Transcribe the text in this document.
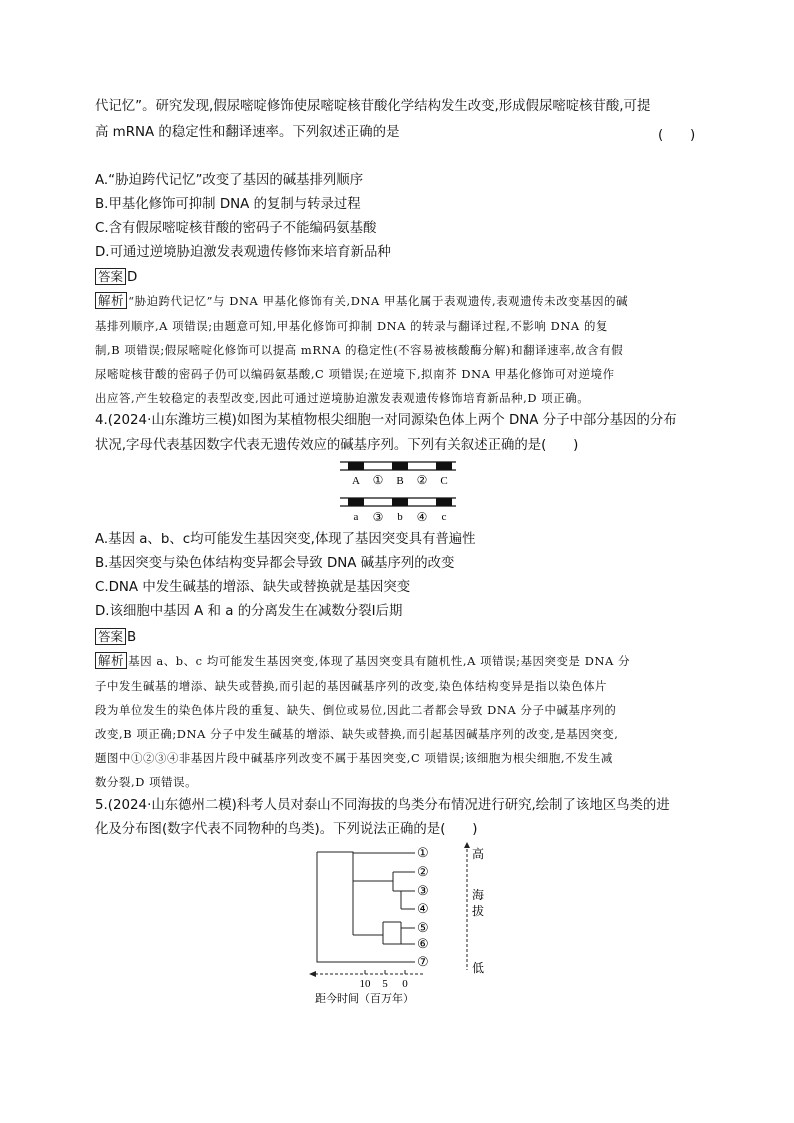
代记忆”。研究发现,假尿嘧啶修饰使尿嘧啶核苷酸化学结构发生改变,形成假尿嘧啶核苷酸,可提
高 mRNA 的稳定性和翻译速率。下列叙述正确的是	(　　)
A.“胁迫跨代记忆”改变了基因的碱基排列顺序
B.甲基化修饰可抑制 DNA 的复制与转录过程
C.含有假尿嘧啶核苷酸的密码子不能编码氨基酸
D.可通过逆境胁迫激发表观遗传修饰来培育新品种
答案 D
解析 “胁迫跨代记忆”与 DNA 甲基化修饰有关,DNA 甲基化属于表观遗传,表观遗传未改变基因的碱
基排列顺序,A 项错误;由题意可知,甲基化修饰可抑制 DNA 的转录与翻译过程,不影响 DNA 的复
制,B 项错误;假尿嘧啶化修饰可以提高 mRNA 的稳定性(不容易被核酸酶分解)和翻译速率,故含有假
尿嘧啶核苷酸的密码子仍可以编码氨基酸,C 项错误;在逆境下,拟南芥 DNA 甲基化修饰可对逆境作
出应答,产生较稳定的表型改变,因此可通过逆境胁迫激发表观遗传修饰培育新品种,D 项正确。
4.(2024·山东潍坊三模)如图为某植物根尖细胞一对同源染色体上两个 DNA 分子中部分基因的分布
状况,字母代表基因数字代表无遗传效应的碱基序列。下列有关叙述正确的是(　　)
A ① B ② C
a ③ b ④ c
A.基因 a、b、c均可能发生基因突变,体现了基因突变具有普遍性
B.基因突变与染色体结构变异都会导致 DNA 碱基序列的改变
C.DNA 中发生碱基的增添、缺失或替换就是基因突变
D.该细胞中基因 A 和 a 的分离发生在减数分裂Ⅰ后期
答案 B
解析 基因 a、b、c 均可能发生基因突变,体现了基因突变具有随机性,A 项错误;基因突变是 DNA 分
子中发生碱基的增添、缺失或替换,而引起的基因碱基序列的改变,染色体结构变异是指以染色体片
段为单位发生的染色体片段的重复、缺失、倒位或易位,因此二者都会导致 DNA 分子中碱基序列的
改变,B 项正确;DNA 分子中发生碱基的增添、缺失或替换,而引起基因碱基序列的改变,是基因突变,
题图中①②③④非基因片段中碱基序列改变不属于基因突变,C 项错误;该细胞为根尖细胞,不发生减
数分裂,D 项错误。
5.(2024·山东德州二模)科考人员对泰山不同海拔的鸟类分布情况进行研究,绘制了该地区鸟类的进
化及分布图(数字代表不同物种的鸟类)。下列说法正确的是(　　)
10 5 0
距今时间（百万年）
①
②
③
④
⑤
⑥
⑦
高
海
拔
低
